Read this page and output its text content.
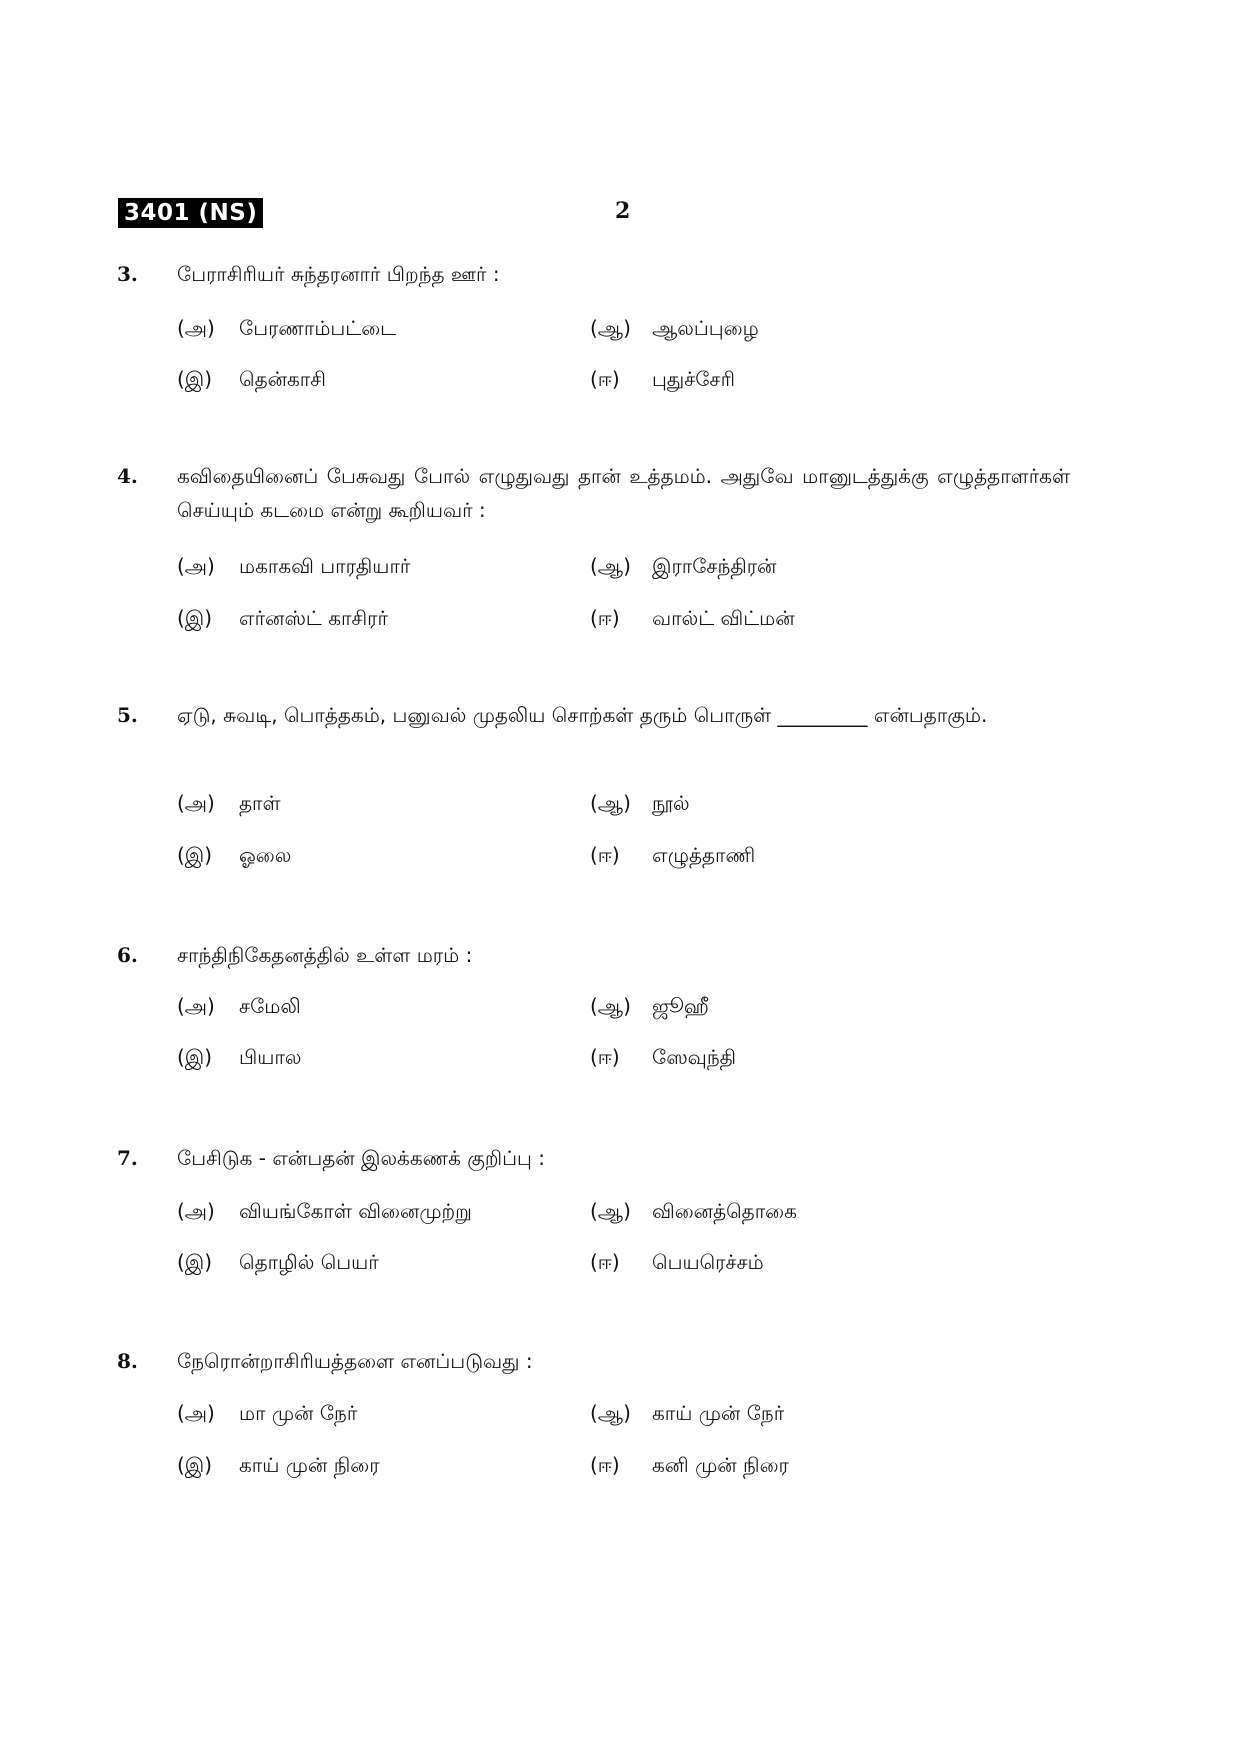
3401 (NS)	2
3. பேராசிரியர் சுந்தரனார் பிறந்த ஊர் :

(அ) பேரணாம்பட்டை	(ஆ) ஆலப்புழை
(இ) தென்காசி	(ஈ) புதுச்சேரி
4. கவிதையினைப் பேசுவது போல் எழுதுவது தான் உத்தமம். அதுவே மானுடத்துக்கு எழுத்தாளர்கள் செய்யும் கடமை என்று கூறியவர் :

(அ) மகாகவி பாரதியார்	(ஆ) இராசேந்திரன்
(இ) எர்னஸ்ட் காசிரர்	(ஈ) வால்ட் விட்மன்
5. ஏடு, சுவடி, பொத்தகம், பனுவல் முதலிய சொற்கள் தரும் பொருள் _________ என்பதாகும்.

(அ) தாள்	(ஆ) நூல்
(இ) ஓலை	(ஈ) எழுத்தாணி
6. சாந்திநிகேதனத்தில் உள்ள மரம் :

(அ) சமேலி	(ஆ) ஜூஹீ
(இ) பியால	(ஈ) ஸேவுந்தி
7. பேசிடுக - என்பதன் இலக்கணக் குறிப்பு :

(அ) வியங்கோள் வினைமுற்று	(ஆ) வினைத்தொகை
(இ) தொழில் பெயர்	(ஈ) பெயரெச்சம்
8. நேரொன்றாசிரியத்தளை எனப்படுவது :

(அ) மா முன் நேர்	(ஆ) காய் முன் நேர்
(இ) காய் முன் நிரை	(ஈ) கனி முன் நிரை
